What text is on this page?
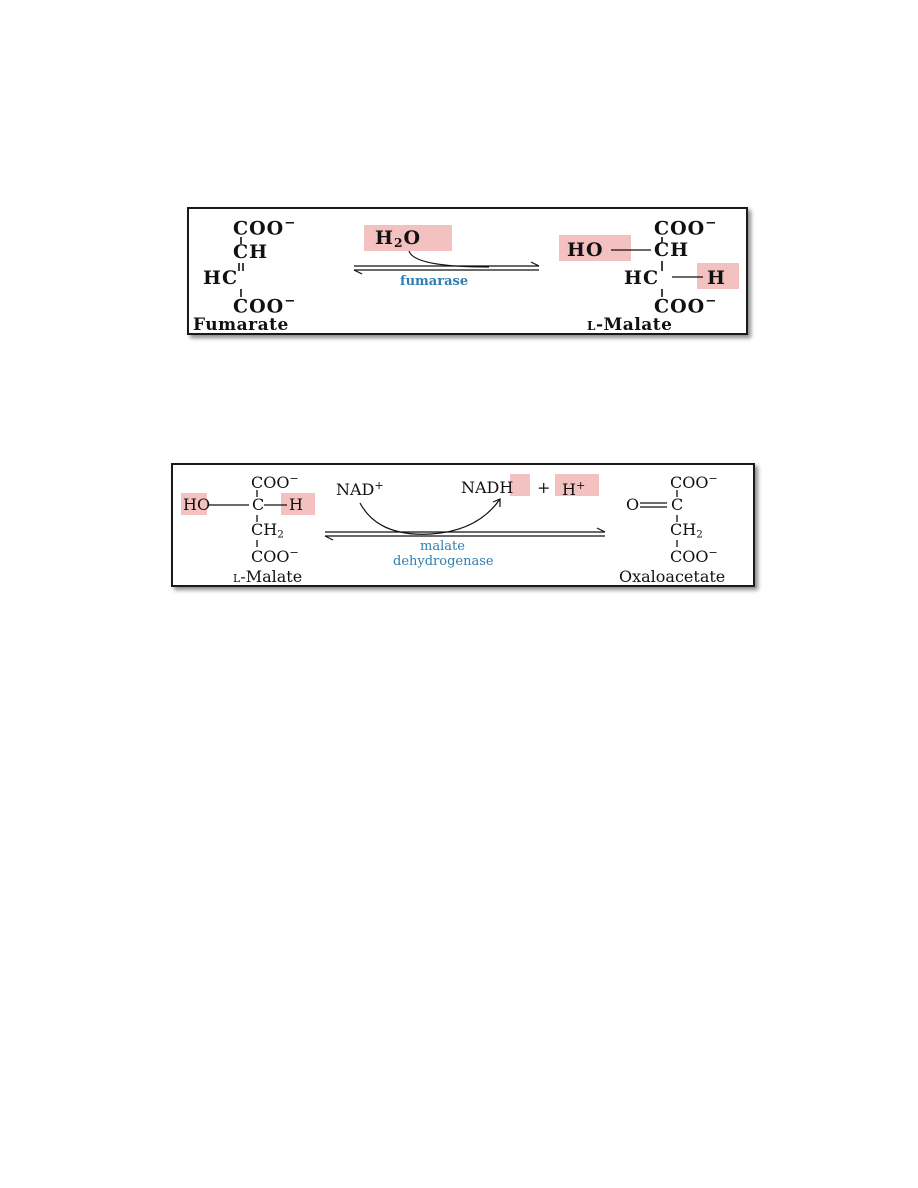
COO−
CH
HC
COO−
Fumarate
$H_2O$
fumarase
COO−
HO	CH
HC	H
COO−
l-Malate
COO−
HO	C H
$CH_2$
COO−
l-Malate
NAD+	NADH + H+
malate
dehydrogenase
COO−
O C
$CH_2$
COO−
Oxaloacetate
